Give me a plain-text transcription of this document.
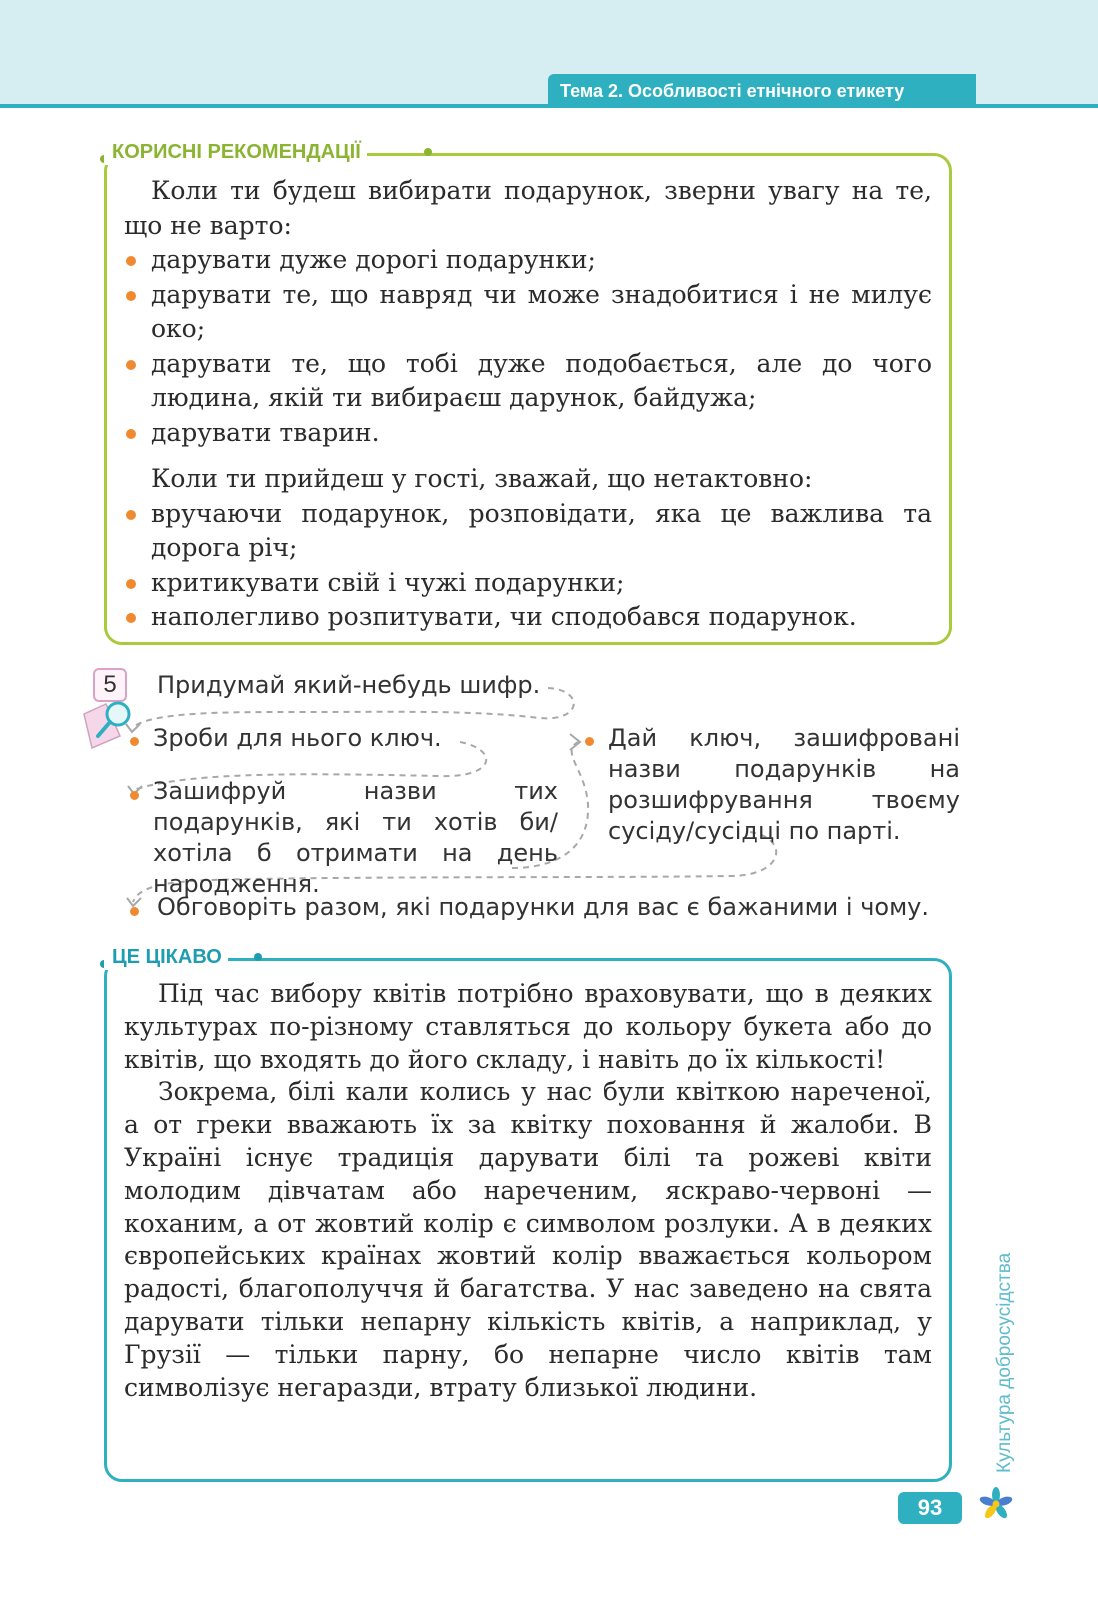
Тема 2. Особливості етнічного етикету
КОРИСНІ РЕКОМЕНДАЦІЇ

Коли ти будеш вибирати подарунок, зверни увагу на те, що не варто:

дарувати дуже дорогі подарунки;
дарувати те, що навряд чи може знадобитися і не милує око;
дарувати те, що тобі дуже подобається, але до чого людина, якій ти вибираєш дарунок, байдужа;
дарувати тварин.

Коли ти прийдеш у гості, зважай, що нетактовно:

вручаючи подарунок, розповідати, яка це важлива та дорога річ;
критикувати свій і чужі подарунки;
наполегливо розпитувати, чи сподобався подарунок.
5	Придумай який-небудь шифр.
Зроби для нього ключ.
Зашифруй назви тих подарунків, які ти хотів би/хотіла б отримати на день народження.
Дай ключ, зашифровані назви подарунків на розшифрування твоєму сусіду/сусідці по парті.
Обговоріть разом, які подарунки для вас є бажаними і чому.
ЦЕ ЦІКАВО

Під час вибору квітів потрібно враховувати, що в деяких культурах по-різному ставляться до кольору букета або до квітів, що входять до його складу, і навіть до їх кількості!

Зокрема, білі кали колись у нас були квіткою нареченої, а от греки вважають їх за квітку поховання й жалоби. В Україні існує традиція дарувати білі та рожеві квіти молодим дівчатам або нареченим, яскраво-червоні — коханим, а от жовтий колір є символом розлуки. А в деяких європейських країнах жовтий колір вважається кольором радості, благополуччя й багатства. У нас заведено на свята дарувати тільки непарну кількість квітів, а наприклад, у Грузії — тільки парну, бо непарне число квітів там символізує негаразди, втрату близької людини.	Культура добросусідства
93
